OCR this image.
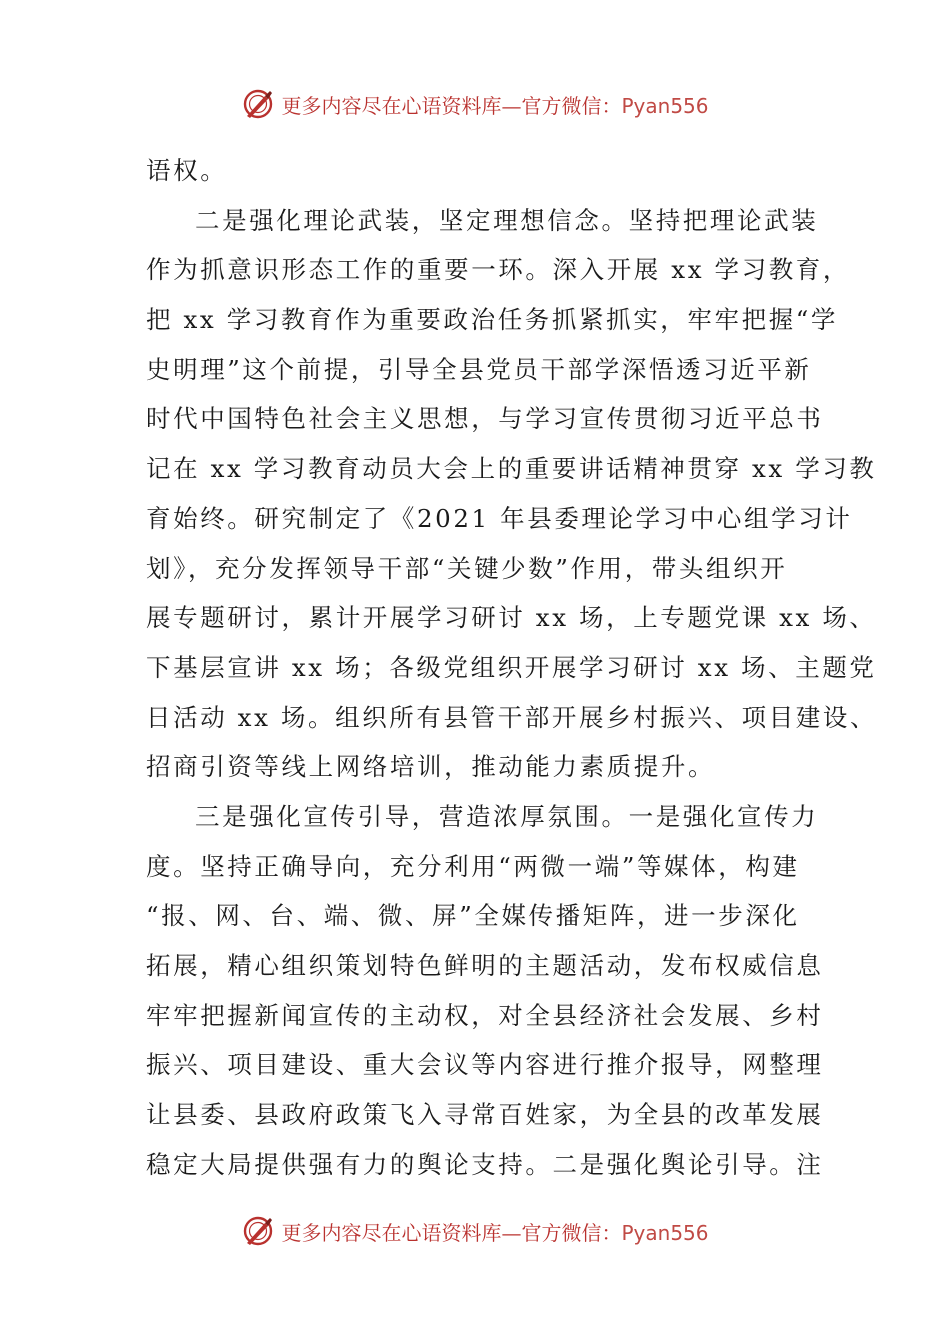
更多内容尽在心语资料库—官方微信：Pyan556

语权。

二是强化理论武装，坚定理想信念。坚持把理论武装
作为抓意识形态工作的重要一环。深入开展 xx 学习教育，
把 xx 学习教育作为重要政治任务抓紧抓实，牢牢把握“学
史明理”这个前提，引导全县党员干部学深悟透习近平新
时代中国特色社会主义思想，与学习宣传贯彻习近平总书
记在 xx 学习教育动员大会上的重要讲话精神贯穿 xx 学习教
育始终。研究制定了《2021 年县委理论学习中心组学习计
划》，充分发挥领导干部“关键少数”作用，带头组织开
展专题研讨，累计开展学习研讨 xx 场，上专题党课 xx 场、
下基层宣讲 xx 场；各级党组织开展学习研讨 xx 场、主题党
日活动 xx 场。组织所有县管干部开展乡村振兴、项目建设、
招商引资等线上网络培训，推动能力素质提升。

三是强化宣传引导，营造浓厚氛围。一是强化宣传力
度。坚持正确导向，充分利用“两微一端”等媒体，构建
“报、网、台、端、微、屏”全媒传播矩阵，进一步深化
拓展，精心组织策划特色鲜明的主题活动，发布权威信息
牢牢把握新闻宣传的主动权，对全县经济社会发展、乡村
振兴、项目建设、重大会议等内容进行推介报导，网整理
让县委、县政府政策飞入寻常百姓家，为全县的改革发展
稳定大局提供强有力的舆论支持。二是强化舆论引导。注

更多内容尽在心语资料库—官方微信：Pyan556
